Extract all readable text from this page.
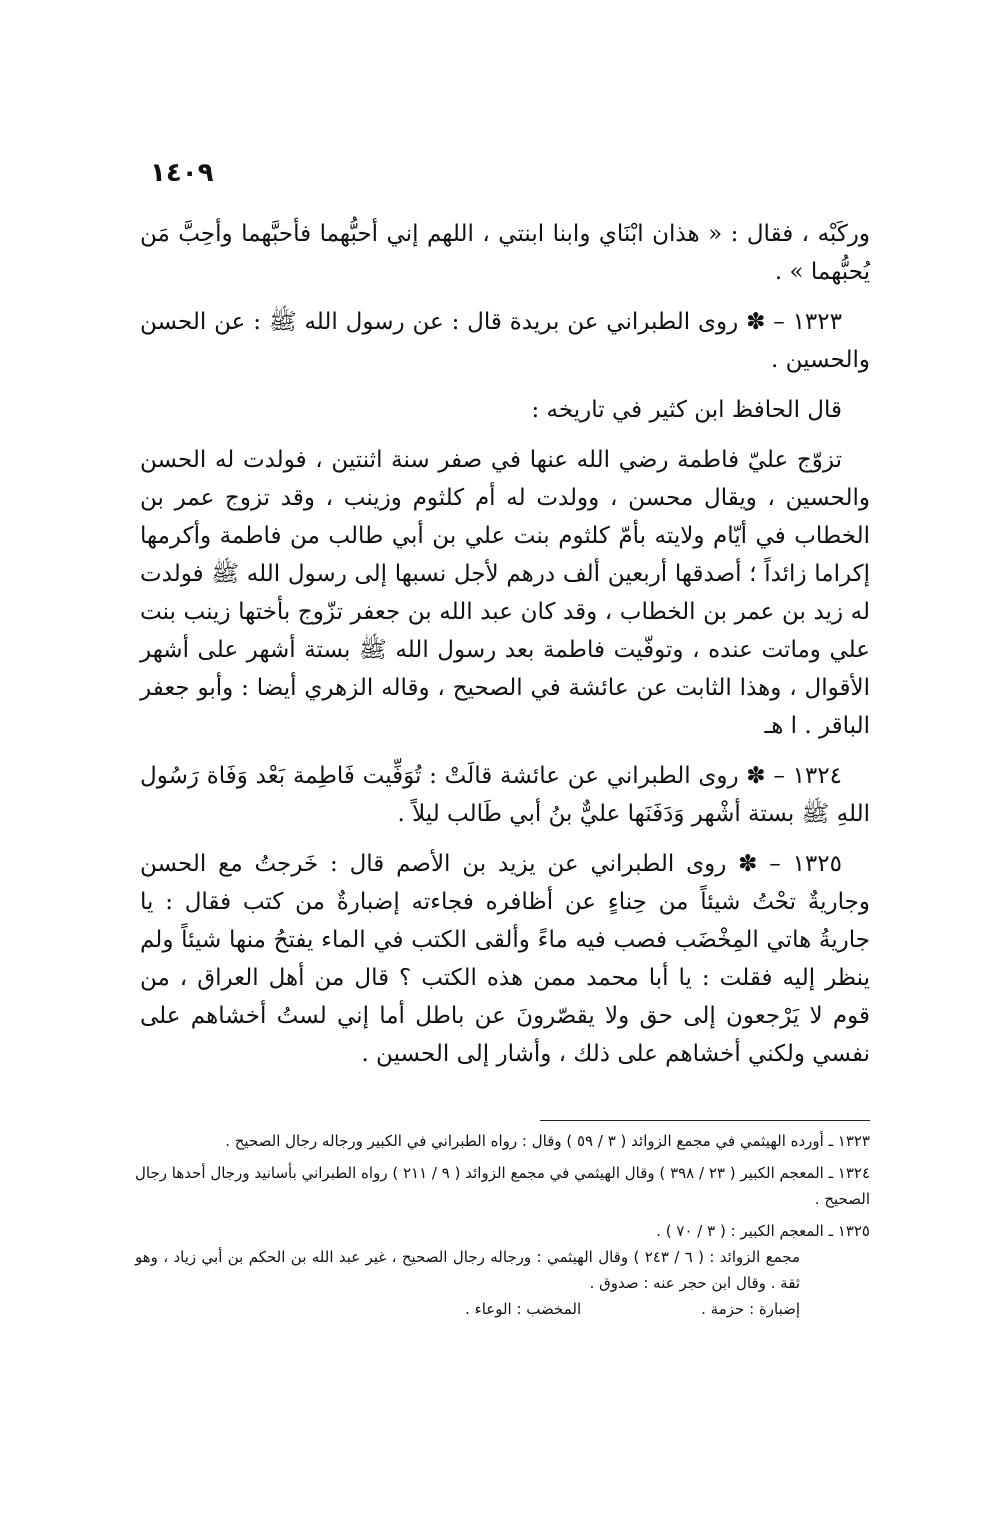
١٤٠٩

وركَبْه ، فقال : « هذان ابْنَاي وابنا ابنتي ، اللهم إني أحبُّهما فأحبَّهما وأحِبَّ مَن يُحبُّهما » .

١٣٢٣ – ✽ روى الطبراني عن بريدة قال : عن رسول الله ﷺ : عن الحسن والحسين .

قال الحافظ ابن كثير في تاريخه :

تزوّج عليّ فاطمة رضي الله عنها في صفر سنة اثنتين ، فولدت له الحسن والحسين ، ويقال محسن ، وولدت له أم كلثوم وزينب ، وقد تزوج عمر بن الخطاب في أيّام ولايته بأمّ كلثوم بنت علي بن أبي طالب من فاطمة وأكرمها إكراما زائداً ؛ أصدقها أربعين ألف درهم لأجل نسبها إلى رسول الله ﷺ فولدت له زيد بن عمر بن الخطاب ، وقد كان عبد الله بن جعفر تزّوج بأختها زينب بنت علي وماتت عنده ، وتوفّيت فاطمة بعد رسول الله ﷺ بستة أشهر على أشهر الأقوال ، وهذا الثابت عن عائشة في الصحيح ، وقاله الزهري أيضا : وأبو جعفر الباقر . ا هـ

١٣٢٤ – ✽ روى الطبراني عن عائشة قالَتْ : تُوَفِّيت فَاطِمة بَعْد وَفَاة رَسُول اللهِ ﷺ بستة أشْهر وَدَفَنَها عليٌّ بنُ أبي طَالب ليلاً .

١٣٢٥ – ✽ روى الطبراني عن يزيد بن الأصم قال : خَرجتُ مع الحسن وجاريةٌ تحْتُ شيئاً من حِناءٍ عن أظافره فجاءته إضبارةٌ من كتب فقال : يا جاريةُ هاتي المِخْضَب فصب فيه ماءً وألقى الكتب في الماء يفتحُ منها شيئاً ولم ينظر إليه فقلت : يا أبا محمد ممن هذه الكتب ؟ قال من أهل العراق ، من قوم لا يَرْجعون إلى حق ولا يقصّرونَ عن باطل أما إني لستُ أخشاهم على نفسي ولكني أخشاهم على ذلك ، وأشار إلى الحسين .

١٣٢٣ ـ أورده الهيثمي في مجمع الزوائد ( ٣ / ٥٩ ) وقال : رواه الطبراني في الكبير ورجاله رجال الصحيح .

١٣٢٤ ـ المعجم الكبير ( ٢٣ / ٣٩٨ ) وقال الهيثمي في مجمع الزوائد ( ٩ / ٢١١ ) رواه الطبراني بأسانيد ورجال أحدها رجال الصحيح .

١٣٢٥ ـ المعجم الكبير : ( ٣ / ٧٠ ) .

مجمع الزوائد : ( ٦ / ٢٤٣ ) وقال الهيثمي : ورجاله رجال الصحيح ، غير عبد الله بن الحكم بن أبي زياد ، وهو ثقة . وقال ابن حجر عنه : صدوق .

إضبارة : حزمة .

المخضب : الوعاء .
